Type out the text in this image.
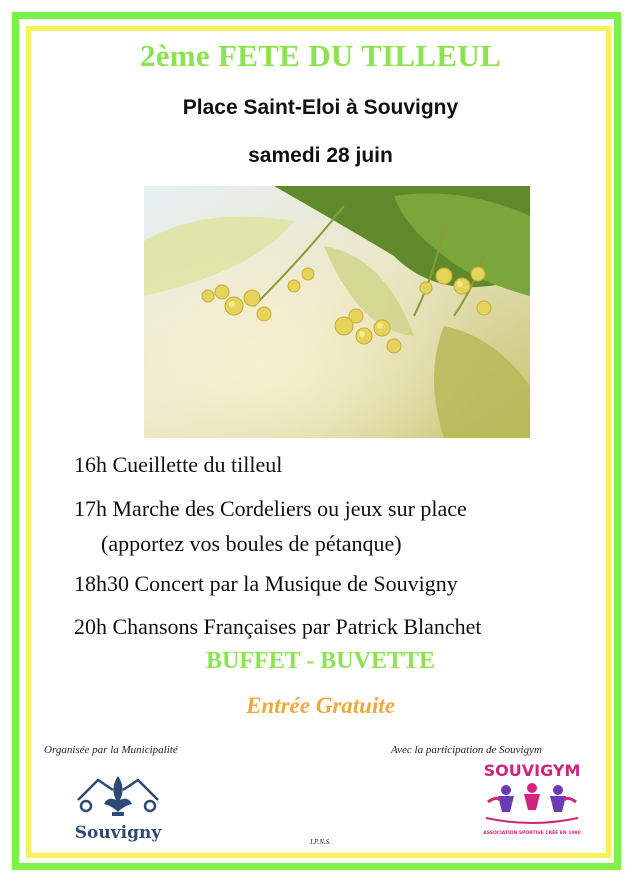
2ème FETE DU TILLEUL
Place Saint-Eloi à Souvigny
samedi 28 juin
16h Cueillette du tilleul
17h Marche des Cordeliers ou jeux sur place
(apportez vos boules de pétanque)
18h30 Concert par la Musique de Souvigny
20h Chansons Françaises par Patrick Blanchet
BUFFET - BUVETTE
Entrée Gratuite
Organisée par la Municipalité	Avec la participation de Souvigym
Souvigny
SOUVIGYM
ASSOCIATION SPORTIVE CRÉÉ EN 1990
I.P.N.S.
